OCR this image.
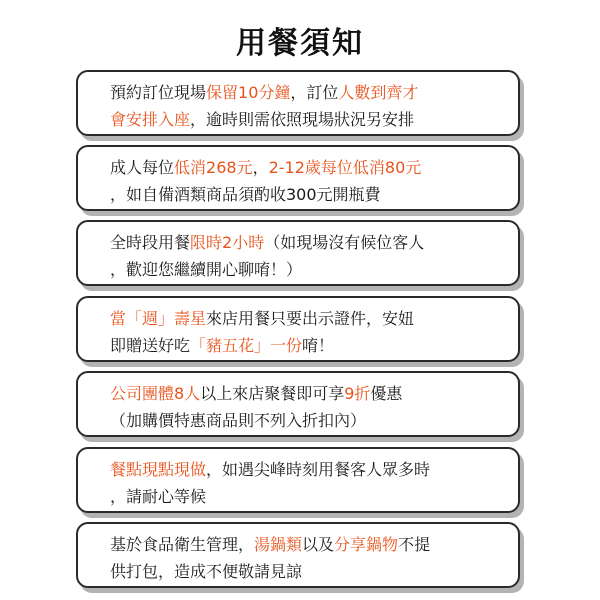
用餐須知
預約訂位現場保留10分鐘，訂位人數到齊才
會安排入座，逾時則需依照現場狀況另安排
成人每位低消268元，2-12歲每位低消80元
，如自備酒類商品須酌收300元開瓶費
全時段用餐限時2小時（如現場沒有候位客人
，歡迎您繼續開心聊唷！）
當「週」壽星來店用餐只要出示證件，安妞
即贈送好吃「豬五花」一份唷！
公司團體8人以上來店聚餐即可享9折優惠
（加購價特惠商品則不列入折扣內）
餐點現點現做，如遇尖峰時刻用餐客人眾多時
，請耐心等候
基於食品衛生管理，湯鍋類以及分享鍋物不提
供打包，造成不便敬請見諒
